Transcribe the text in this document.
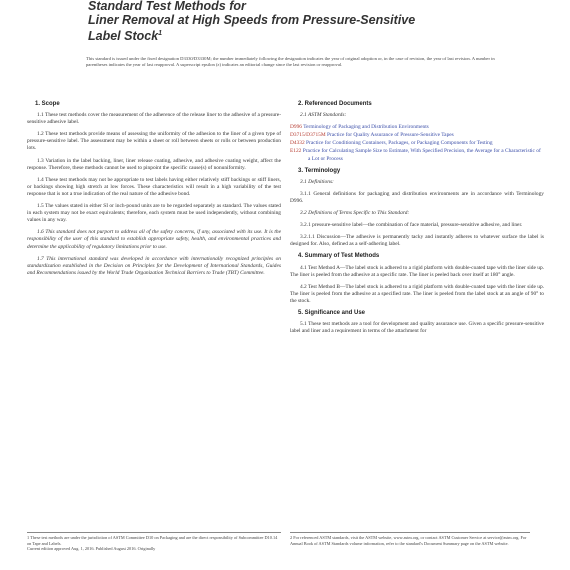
Standard Test Methods for
Liner Removal at High Speeds from Pressure-Sensitive
Label Stock$^1$
This standard is issued under the fixed designation D3330/D3330M; the number immediately following the designation indicates the year of original adoption or, in the case of revision, the year of last revision. A number in parentheses indicates the year of last reapproval. A superscript epsilon (ε) indicates an editorial change since the last revision or reapproval.
1. Scope

1.1 These test methods cover the measurement of the adherence of the release liner to the adhesive of a pressure-sensitive adhesive label.

1.2 These test methods provide means of assessing the uniformity of the adhesion to the liner of a given type of pressure-sensitive label. The assessment may be within a sheet or roll between sheets or rolls or between production lots.

1.3 Variation in the label backing, liner, liner release coating, adhesive, and adhesive coating weight, affect the response. Therefore, these methods cannot be used to pinpoint the specific cause(s) of nonuniformity.

1.4 These test methods may not be appropriate to test labels having either relatively stiff backings or stiff liners, or backings showing high stretch at low forces. These characteristics will result in a high variability of the test response that is not a true indication of the real nature of the adhesive bond.

1.5 The values stated in either SI or inch-pound units are to be regarded separately as standard. The values stated in each system may not be exact equivalents; therefore, each system must be used independently, without combining values in any way.

1.6 This standard does not purport to address all of the safety concerns, if any, associated with its use. It is the responsibility of the user of this standard to establish appropriate safety, health, and environmental practices and determine the applicability of regulatory limitations prior to use.

1.7 This international standard was developed in accordance with internationally recognized principles on standardization established in the Decision on Principles for the Development of International Standards, Guides and Recommendations issued by the World Trade Organization Technical Barriers to Trade (TBT) Committee.

2. Referenced Documents

2.1 ASTM Standards:

D996 Terminology of Packaging and Distribution Environments
D3715/D3715M Practice for Quality Assurance of Pressure-Sensitive Tapes
D4332 Practice for Conditioning Containers, Packages, or Packaging Components for Testing
E122 Practice for Calculating Sample Size to Estimate, With Specified Precision, the Average for a Characteristic of a Lot or Process
3. Terminology

3.1 Definitions:

3.1.1 General definitions for packaging and distribution environments are in accordance with Terminology D996.

3.2 Definitions of Terms Specific to This Standard:

3.2.1 pressure-sensitive label—the combination of face material, pressure-sensitive adhesive, and liner.

3.2.1.1 Discussion—The adhesive is permanently tacky and instantly adheres to whatever surface the label is designed for. Also, defined as a self-adhering label.

4. Summary of Test Methods

4.1 Test Method A—The label stock is adhered to a rigid platform with double-coated tape with the liner side up. The liner is peeled from the adhesive at a specific rate. The liner is peeled back over itself at 180° angle.

4.2 Test Method B—The label stock is adhered to a rigid platform with double-coated tape with the liner side up. The liner is peeled from the adhesive at a specified rate. The liner is peeled from the label stock at an angle of 90° to the stock.

5. Significance and Use

5.1 These test methods are a tool for development and quality assurance use. Given a specific pressure-sensitive label and liner and a requirement in terms of the attachment for

1 These test methods are under the jurisdiction of ASTM Committee D10 on Packaging and are the direct responsibility of Subcommittee D10.14 on Tape and Labels.
Current edition approved Aug. 1, 2016. Published August 2016. Originally
2 For referenced ASTM standards, visit the ASTM website, www.astm.org, or contact ASTM Customer Service at service@astm.org. For Annual Book of ASTM Standards volume information, refer to the standard's Document Summary page on the ASTM website.
